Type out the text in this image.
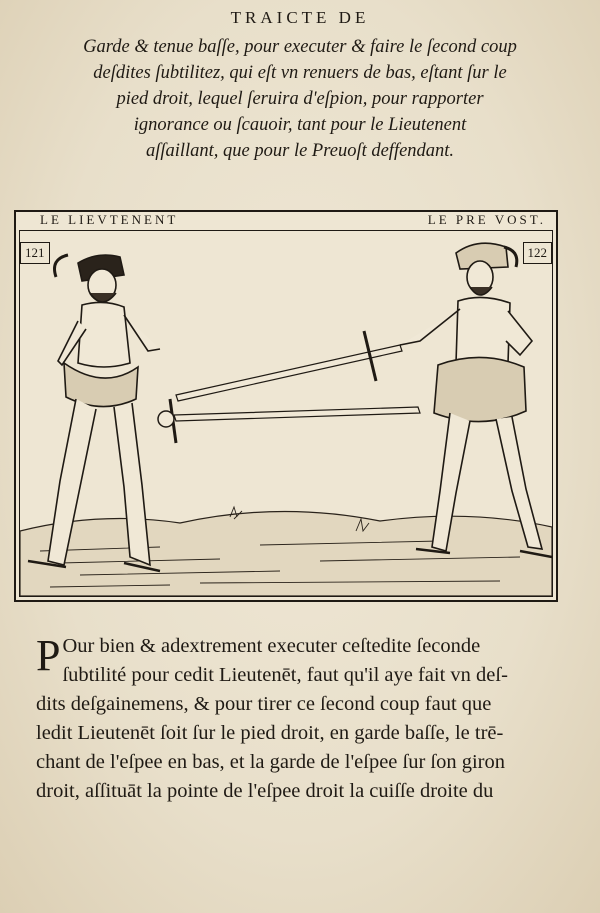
TRAICTE DE
Garde & tenue baſſe, pour executer & faire le ſecond coup
deſdites ſubtilitez, qui eſt vn renuers de bas, eſtant ſur le
pied droit, lequel ſeruira d'eſpion, pour rapporter
ignorance ou ſcauoir, tant pour le Lieutenent
aſſaillant, que pour le Preuoſt deffendant.
LE LIEVTENENT	LE PRE VOST.
121	122
P Our bien & adextrement executer ceſtedite ſeconde
ſubtilité pour cedit Lieutenēt, faut qu'il aye fait vn deſ-
dits deſgainemens, & pour tirer ce ſecond coup faut que
ledit Lieutenēt ſoit ſur le pied droit, en garde baſſe, le trē-
chant de l'eſpee en bas, et la garde de l'eſpee ſur ſon giron
droit, aſſituāt la pointe de l'eſpee droit la cuiſſe droite du
